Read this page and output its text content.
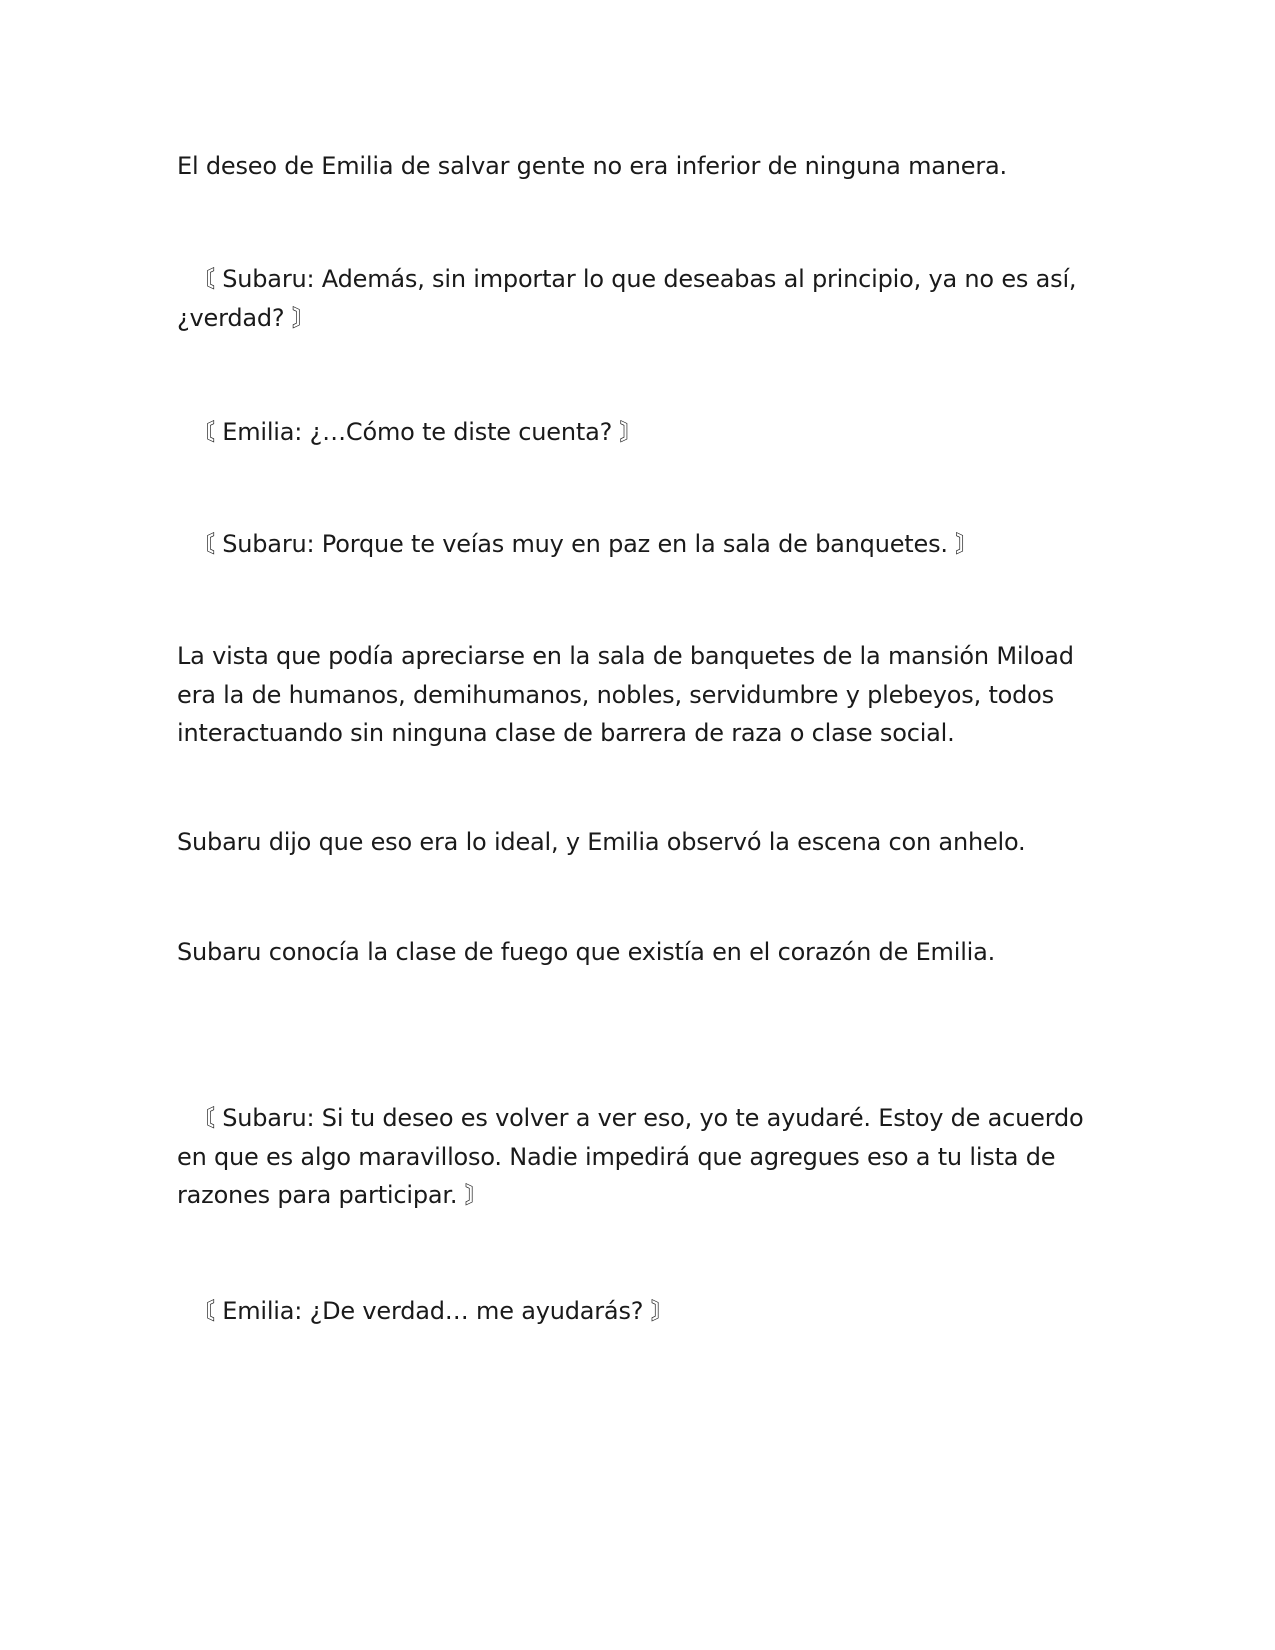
El deseo de Emilia de salvar gente no era inferior de ninguna manera.

〘 Subaru: Además, sin importar lo que deseabas al principio, ya no es así, ¿verdad? 〙

〘 Emilia: ¿…Cómo te diste cuenta? 〙

〘 Subaru: Porque te veías muy en paz en la sala de banquetes. 〙

La vista que podía apreciarse en la sala de banquetes de la mansión Miload era la de humanos, demihumanos, nobles, servidumbre y plebeyos, todos interactuando sin ninguna clase de barrera de raza o clase social.

Subaru dijo que eso era lo ideal, y Emilia observó la escena con anhelo.

Subaru conocía la clase de fuego que existía en el corazón de Emilia.

〘 Subaru: Si tu deseo es volver a ver eso, yo te ayudaré. Estoy de acuerdo en que es algo maravilloso. Nadie impedirá que agregues eso a tu lista de razones para participar. 〙

〘 Emilia: ¿De verdad… me ayudarás? 〙
